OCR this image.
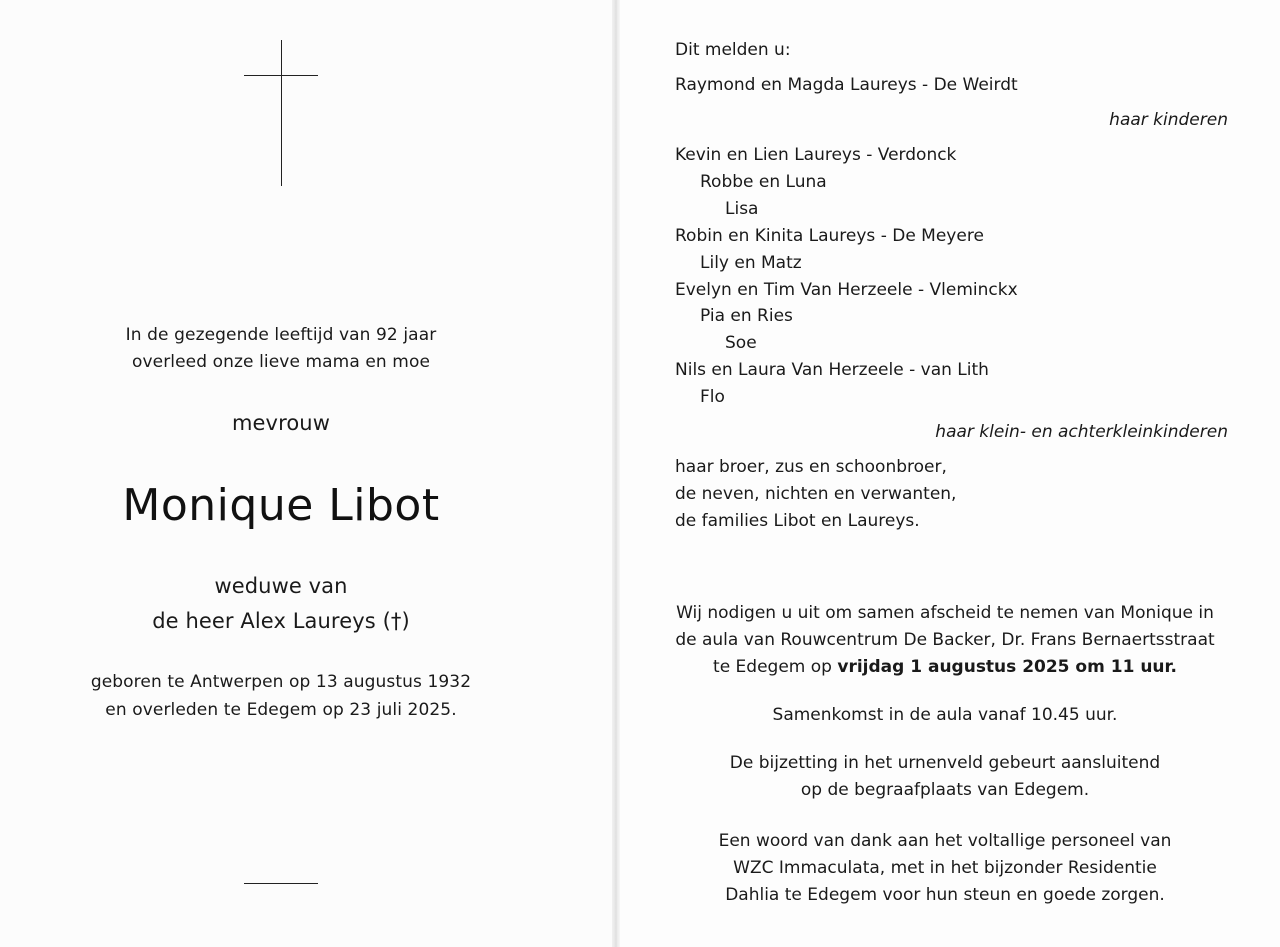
In de gezegende leeftijd van 92 jaar
overleed onze lieve mama en moe
mevrouw
Monique Libot
weduwe van
de heer Alex Laureys (†)
geboren te Antwerpen op 13 augustus 1932
en overleden te Edegem op 23 juli 2025.
Dit melden u:
Raymond en Magda Laureys - De Weirdt
haar kinderen
Kevin en Lien Laureys - Verdonck
Robbe en Luna
Lisa
Robin en Kinita Laureys - De Meyere
Lily en Matz
Evelyn en Tim Van Herzeele - Vleminckx
Pia en Ries
Soe
Nils en Laura Van Herzeele - van Lith
Flo
haar klein- en achterkleinkinderen
haar broer, zus en schoonbroer,
de neven, nichten en verwanten,
de families Libot en Laureys.
Wij nodigen u uit om samen afscheid te nemen van Monique in
de aula van Rouwcentrum De Backer, Dr. Frans Bernaertsstraat
te Edegem op vrijdag 1 augustus 2025 om 11 uur.
Samenkomst in de aula vanaf 10.45 uur.
De bijzetting in het urnenveld gebeurt aansluitend
op de begraafplaats van Edegem.
Een woord van dank aan het voltallige personeel van
WZC Immaculata, met in het bijzonder Residentie
Dahlia te Edegem voor hun steun en goede zorgen.
